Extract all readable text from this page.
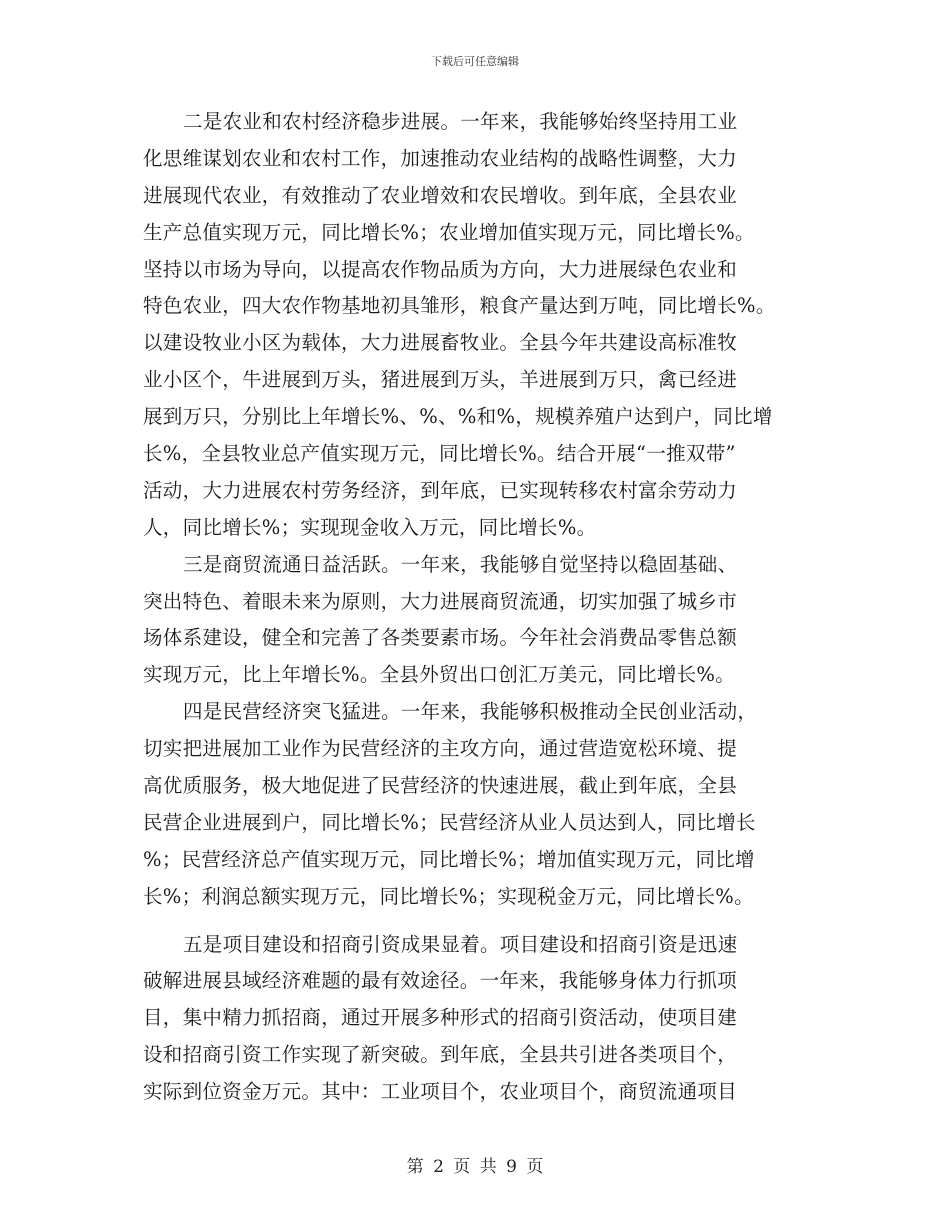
下载后可任意编辑
二是农业和农村经济稳步进展。一年来，我能够始终坚持用工业
化思维谋划农业和农村工作，加速推动农业结构的战略性调整，大力
进展现代农业，有效推动了农业增效和农民增收。到年底，全县农业
生产总值实现万元，同比增长%；农业增加值实现万元，同比增长%。
坚持以市场为导向，以提高农作物品质为方向，大力进展绿色农业和
特色农业，四大农作物基地初具雏形，粮食产量达到万吨，同比增长%。
以建设牧业小区为载体，大力进展畜牧业。全县今年共建设高标准牧
业小区个，牛进展到万头，猪进展到万头，羊进展到万只，禽已经进
展到万只，分别比上年增长%、%、%和%，规模养殖户达到户，同比增
长%，全县牧业总产值实现万元，同比增长%。结合开展“一推双带”
活动，大力进展农村劳务经济，到年底，已实现转移农村富余劳动力
人，同比增长%；实现现金收入万元，同比增长%。
三是商贸流通日益活跃。一年来，我能够自觉坚持以稳固基础、
突出特色、着眼未来为原则，大力进展商贸流通，切实加强了城乡市
场体系建设，健全和完善了各类要素市场。今年社会消费品零售总额
实现万元，比上年增长%。全县外贸出口创汇万美元，同比增长%。
四是民营经济突飞猛进。一年来，我能够积极推动全民创业活动，
切实把进展加工业作为民营经济的主攻方向，通过营造宽松环境、提
高优质服务，极大地促进了民营经济的快速进展，截止到年底，全县
民营企业进展到户，同比增长%；民营经济从业人员达到人，同比增长
%；民营经济总产值实现万元，同比增长%；增加值实现万元，同比增
长%；利润总额实现万元，同比增长%；实现税金万元，同比增长%。
五是项目建设和招商引资成果显着。项目建设和招商引资是迅速
破解进展县域经济难题的最有效途径。一年来，我能够身体力行抓项
目，集中精力抓招商，通过开展多种形式的招商引资活动，使项目建
设和招商引资工作实现了新突破。到年底，全县共引进各类项目个，
实际到位资金万元。其中：工业项目个，农业项目个，商贸流通项目
第 2 页 共 9 页
